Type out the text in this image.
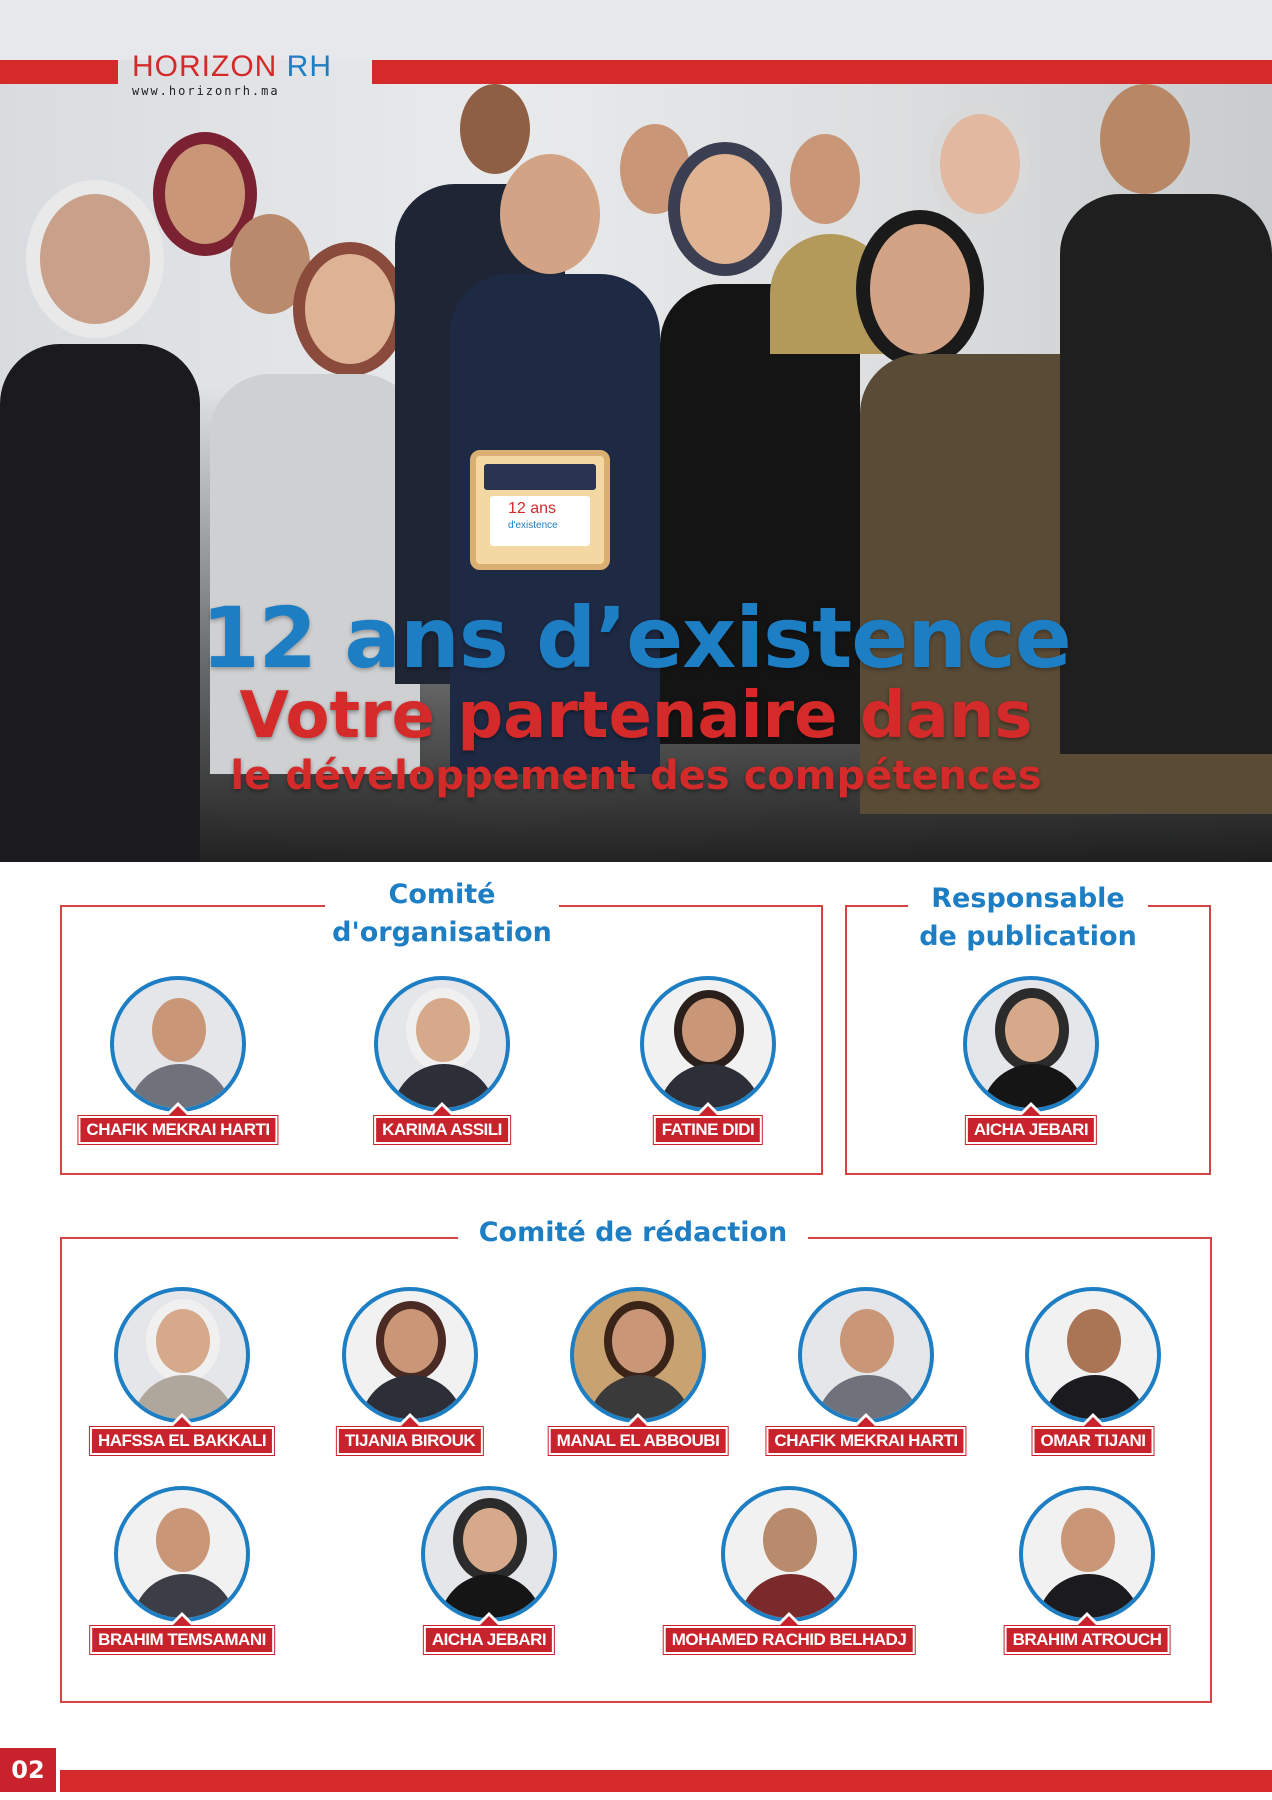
12 ans
d'existence
HORIZON RH
www.horizonrh.ma
12 ans d’existence
Votre partenaire dans
le développement des compétences
Comité
d'organisation
CHAFIK MEKRAI HARTI	KARIMA ASSILI	FATINE DIDI
Responsable
de publication
AICHA JEBARI
Comité de rédaction
HAFSSA EL BAKKALI	TIJANIA BIROUK	MANAL EL ABBOUBI	CHAFIK MEKRAI HARTI	OMAR TIJANI
BRAHIM TEMSAMANI	AICHA JEBARI	MOHAMED RACHID BELHADJ	BRAHIM ATROUCH
02
